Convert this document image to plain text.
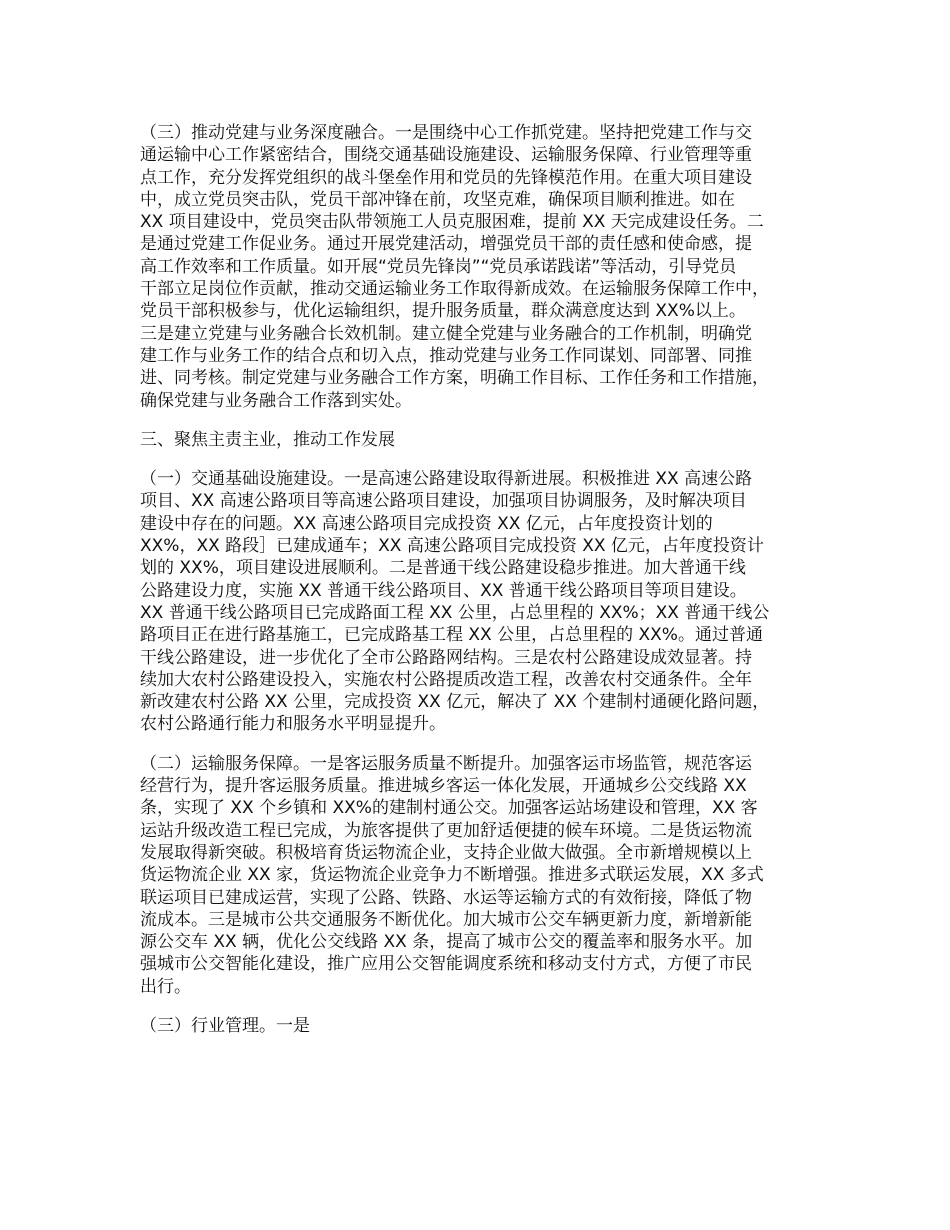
（三）推动党建与业务深度融合。一是围绕中心工作抓党建。坚持把党建工作与交
通运输中心工作紧密结合，围绕交通基础设施建设、运输服务保障、行业管理等重
点工作，充分发挥党组织的战斗堡垒作用和党员的先锋模范作用。在重大项目建设
中，成立党员突击队，党员干部冲锋在前，攻坚克难，确保项目顺利推进。如在
XX 项目建设中，党员突击队带领施工人员克服困难，提前 XX 天完成建设任务。二
是通过党建工作促业务。通过开展党建活动，增强党员干部的责任感和使命感，提
高工作效率和工作质量。如开展“党员先锋岗”“党员承诺践诺”等活动，引导党员
干部立足岗位作贡献，推动交通运输业务工作取得新成效。在运输服务保障工作中，
党员干部积极参与，优化运输组织，提升服务质量，群众满意度达到 XX%以上。
三是建立党建与业务融合长效机制。建立健全党建与业务融合的工作机制，明确党
建工作与业务工作的结合点和切入点，推动党建与业务工作同谋划、同部署、同推
进、同考核。制定党建与业务融合工作方案，明确工作目标、工作任务和工作措施，
确保党建与业务融合工作落到实处。
三、聚焦主责主业，推动工作发展
（一）交通基础设施建设。一是高速公路建设取得新进展。积极推进 XX 高速公路
项目、XX 高速公路项目等高速公路项目建设，加强项目协调服务，及时解决项目
建设中存在的问题。XX 高速公路项目完成投资 XX 亿元，占年度投资计划的
XX%，XX 路段］已建成通车；XX 高速公路项目完成投资 XX 亿元，占年度投资计
划的 XX%，项目建设进展顺利。二是普通干线公路建设稳步推进。加大普通干线
公路建设力度，实施 XX 普通干线公路项目、XX 普通干线公路项目等项目建设。
XX 普通干线公路项目已完成路面工程 XX 公里，占总里程的 XX%；XX 普通干线公
路项目正在进行路基施工，已完成路基工程 XX 公里，占总里程的 XX%。通过普通
干线公路建设，进一步优化了全市公路路网结构。三是农村公路建设成效显著。持
续加大农村公路建设投入，实施农村公路提质改造工程，改善农村交通条件。全年
新改建农村公路 XX 公里，完成投资 XX 亿元，解决了 XX 个建制村通硬化路问题，
农村公路通行能力和服务水平明显提升。
（二）运输服务保障。一是客运服务质量不断提升。加强客运市场监管，规范客运
经营行为，提升客运服务质量。推进城乡客运一体化发展，开通城乡公交线路 XX
条，实现了 XX 个乡镇和 XX%的建制村通公交。加强客运站场建设和管理，XX 客
运站升级改造工程已完成，为旅客提供了更加舒适便捷的候车环境。二是货运物流
发展取得新突破。积极培育货运物流企业，支持企业做大做强。全市新增规模以上
货运物流企业 XX 家，货运物流企业竞争力不断增强。推进多式联运发展，XX 多式
联运项目已建成运营，实现了公路、铁路、水运等运输方式的有效衔接，降低了物
流成本。三是城市公共交通服务不断优化。加大城市公交车辆更新力度，新增新能
源公交车 XX 辆，优化公交线路 XX 条，提高了城市公交的覆盖率和服务水平。加
强城市公交智能化建设，推广应用公交智能调度系统和移动支付方式，方便了市民
出行。
（三）行业管理。一是
